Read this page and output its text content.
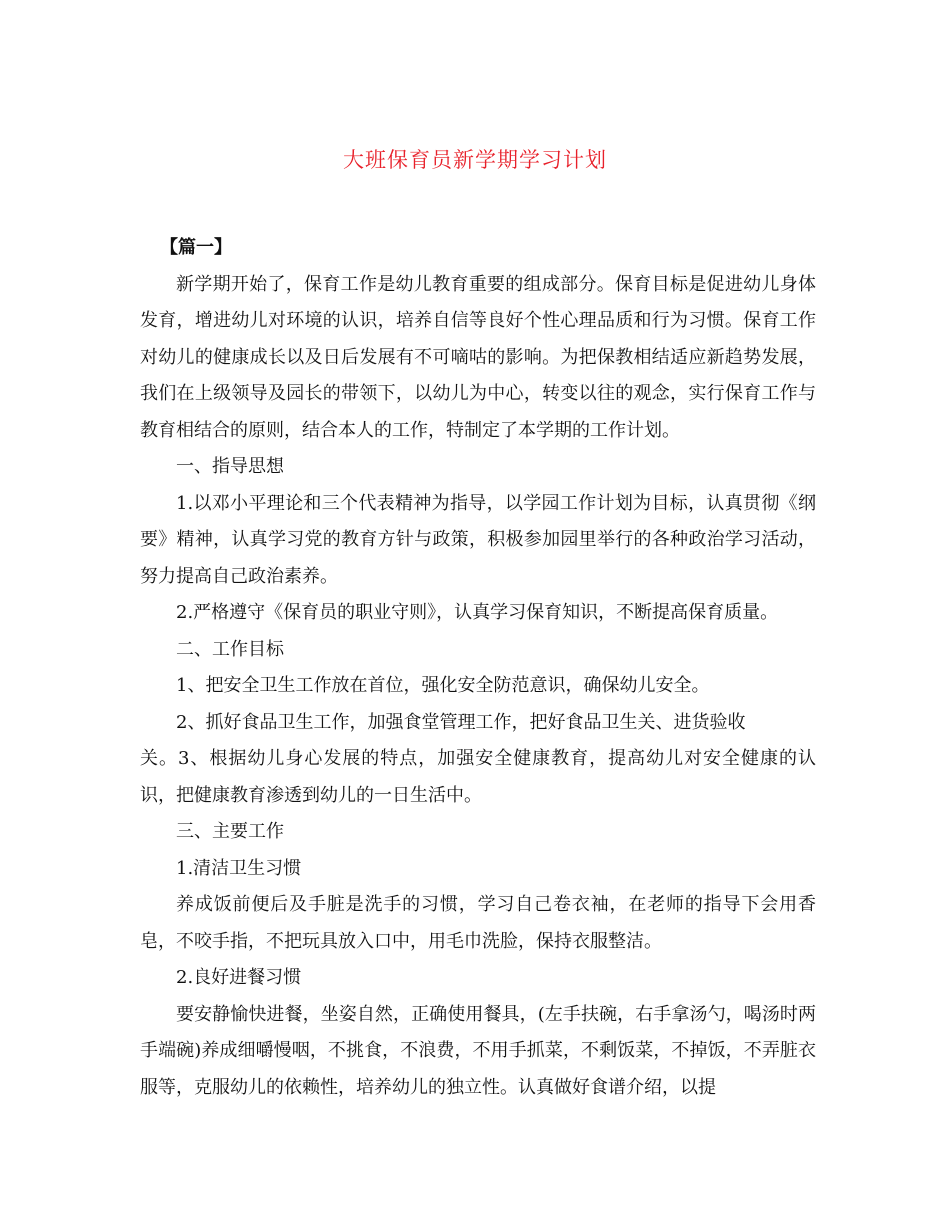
大班保育员新学期学习计划

【篇一】

新学期开始了，保育工作是幼儿教育重要的组成部分。保育目标是促进幼儿身体发育，增进幼儿对环境的认识，培养自信等良好个性心理品质和行为习惯。保育工作对幼儿的健康成长以及日后发展有不可嘀咕的影响。为把保教相结适应新趋势发展，我们在上级领导及园长的带领下，以幼儿为中心，转变以往的观念，实行保育工作与教育相结合的原则，结合本人的工作，特制定了本学期的工作计划。

一、指导思想

1.以邓小平理论和三个代表精神为指导，以学园工作计划为目标，认真贯彻《纲要》精神，认真学习党的教育方针与政策，积极参加园里举行的各种政治学习活动，努力提高自己政治素养。

2.严格遵守《保育员的职业守则》，认真学习保育知识，不断提高保育质量。

二、工作目标

1、把安全卫生工作放在首位，强化安全防范意识，确保幼儿安全。

2、抓好食品卫生工作，加强食堂管理工作，把好食品卫生关、进货验收

关。3、根据幼儿身心发展的特点，加强安全健康教育，提高幼儿对安全健康的认识，把健康教育渗透到幼儿的一日生活中。

三、主要工作

1.清洁卫生习惯

养成饭前便后及手脏是洗手的习惯，学习自己卷衣袖，在老师的指导下会用香皂，不咬手指，不把玩具放入口中，用毛巾洗脸，保持衣服整洁。

2.良好进餐习惯

要安静愉快进餐，坐姿自然，正确使用餐具，(左手扶碗，右手拿汤勺，喝汤时两手端碗)养成细嚼慢咽，不挑食，不浪费，不用手抓菜，不剩饭菜，不掉饭，不弄脏衣服等，克服幼儿的依赖性，培养幼儿的独立性。认真做好食谱介绍，以提
